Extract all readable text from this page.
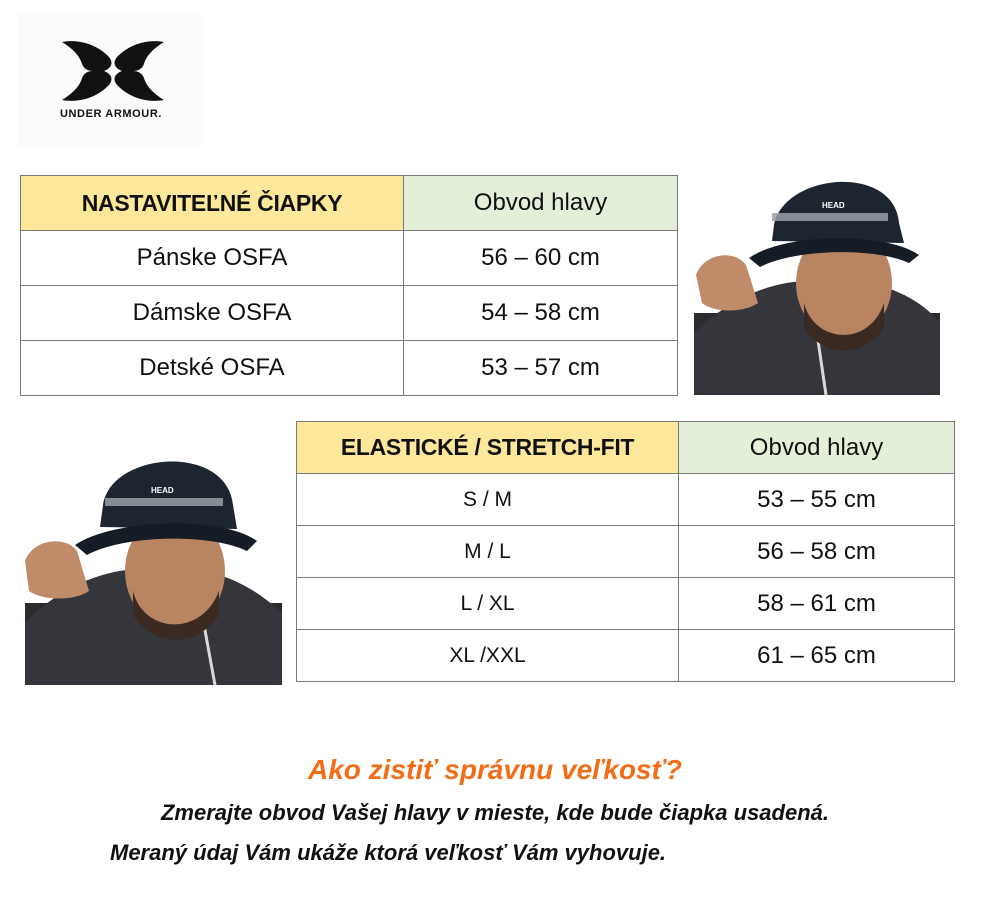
UNDER ARMOUR.
NASTAVITEĽNÉ ČIAPKY	Obvod hlavy
Pánske OSFA	56 – 60 cm
Dámske OSFA	54 – 58 cm
Detské OSFA	53 – 57 cm
HEAD
HEAD
ELASTICKÉ / STRETCH-FIT	Obvod hlavy
S / M	53 – 55 cm
M / L	56 – 58 cm
L / XL	58 – 61 cm
XL /XXL	61 – 65 cm
Ako zistiť správnu veľkosť?
Zmerajte obvod Vašej hlavy v mieste, kde bude čiapka usadená.
Meraný údaj Vám ukáže ktorá veľkosť Vám vyhovuje.
